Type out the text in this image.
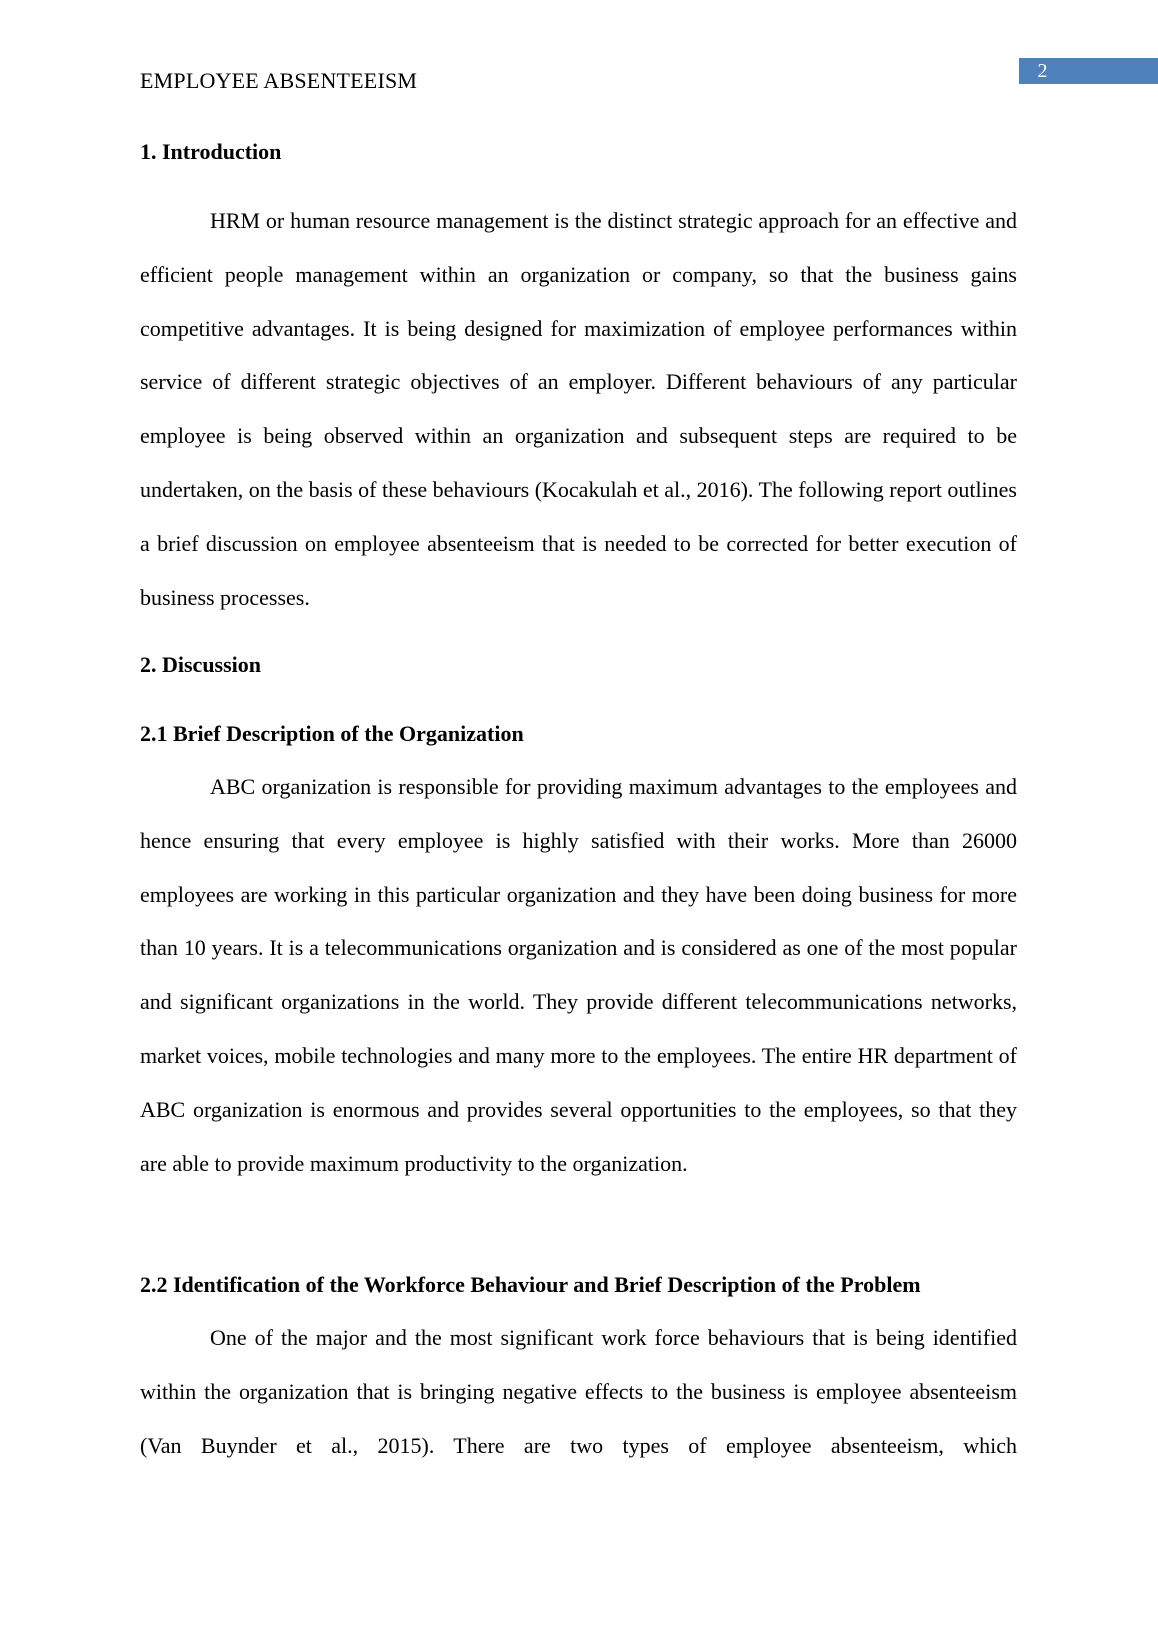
2
EMPLOYEE ABSENTEEISM
1. Introduction

HRM or human resource management is the distinct strategic approach for an effective and efficient people management within an organization or company, so that the business gains competitive advantages. It is being designed for maximization of employee performances within service of different strategic objectives of an employer. Different behaviours of any particular employee is being observed within an organization and subsequent steps are required to be undertaken, on the basis of these behaviours (Kocakulah et al., 2016). The following report outlines a brief discussion on employee absenteeism that is needed to be corrected for better execution of business processes.

2. Discussion
2.1 Brief Description of the Organization

ABC organization is responsible for providing maximum advantages to the employees and hence ensuring that every employee is highly satisfied with their works. More than 26000 employees are working in this particular organization and they have been doing business for more than 10 years. It is a telecommunications organization and is considered as one of the most popular and significant organizations in the world. They provide different telecommunications networks, market voices, mobile technologies and many more to the employees. The entire HR department of ABC organization is enormous and provides several opportunities to the employees, so that they are able to provide maximum productivity to the organization.

2.2 Identification of the Workforce Behaviour and Brief Description of the Problem

One of the major and the most significant work force behaviours that is being identified within the organization that is bringing negative effects to the business is employee absenteeism (Van Buynder et al., 2015). There are two types of employee absenteeism, which
